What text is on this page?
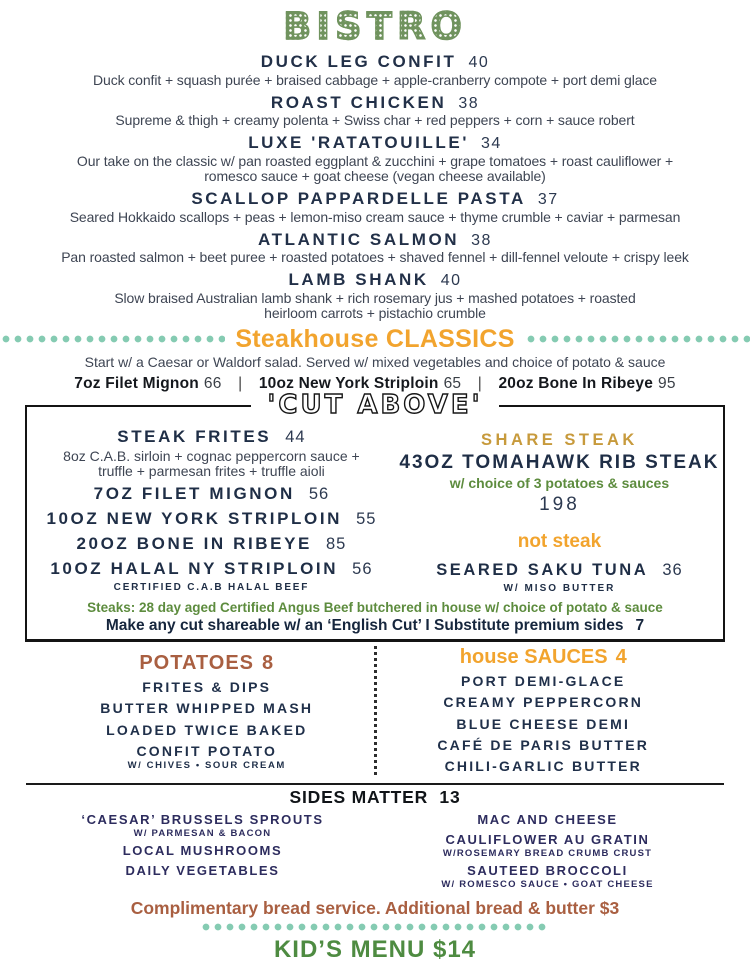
BISTRO
DUCK LEG CONFIT 40
Duck confit + squash purée + braised cabbage + apple-cranberry compote + port demi glace
ROAST CHICKEN 38
Supreme & thigh + creamy polenta + Swiss char + red peppers + corn + sauce robert
LUXE 'RATATOUILLE' 34
Our take on the classic w/ pan roasted eggplant & zucchini + grape tomatoes + roast cauliflower + romesco sauce + goat cheese (vegan cheese available)
SCALLOP PAPPARDELLE PASTA 37
Seared Hokkaido scallops + peas + lemon-miso cream sauce + thyme crumble + caviar + parmesan
ATLANTIC SALMON 38
Pan roasted salmon + beet puree + roasted potatoes + shaved fennel + dill-fennel veloute + crispy leek
LAMB SHANK 40
Slow braised Australian lamb shank + rich rosemary jus + mashed potatoes + roasted heirloom carrots + pistachio crumble
Steakhouse CLASSICS
Start w/ a Caesar or Waldorf salad. Served w/ mixed vegetables and choice of potato & sauce
7oz Filet Mignon 66 | 10oz New York Striploin 65 | 20oz Bone In Ribeye 95
'CUT ABOVE'
STEAK FRITES 44
8oz C.A.B. sirloin + cognac peppercorn sauce + truffle + parmesan frites + truffle aioli
7OZ FILET MIGNON 56
10OZ NEW YORK STRIPLOIN 55
20OZ BONE IN RIBEYE 85
10OZ HALAL NY STRIPLOIN 56
CERTIFIED C.A.B HALAL BEEF
SHARE STEAK
43OZ TOMAHAWK RIB STEAK
w/ choice of 3 potatoes & sauces
198
not steak
SEARED SAKU TUNA 36
W/ MISO BUTTER
Steaks: 28 day aged Certified Angus Beef butchered in house w/ choice of potato & sauce
Make any cut shareable w/ an ‘English Cut’ I Substitute premium sides 7
POTATOES 8
FRITES & DIPS
BUTTER WHIPPED MASH
LOADED TWICE BAKED
CONFIT POTATO
W/ CHIVES • SOUR CREAM
house SAUCES 4
PORT DEMI-GLACE
CREAMY PEPPERCORN
BLUE CHEESE DEMI
CAFÉ DE PARIS BUTTER
CHILI-GARLIC BUTTER
SIDES MATTER 13
‘CAESAR’ BRUSSELS SPROUTS
W/ PARMESAN & BACON
LOCAL MUSHROOMS
DAILY VEGETABLES
MAC AND CHEESE
CAULIFLOWER AU GRATIN
W/ROSEMARY BREAD CRUMB CRUST
SAUTEED BROCCOLI
W/ ROMESCO SAUCE • GOAT CHEESE
Complimentary bread service. Additional bread & butter $3
KID’S MENU $14
